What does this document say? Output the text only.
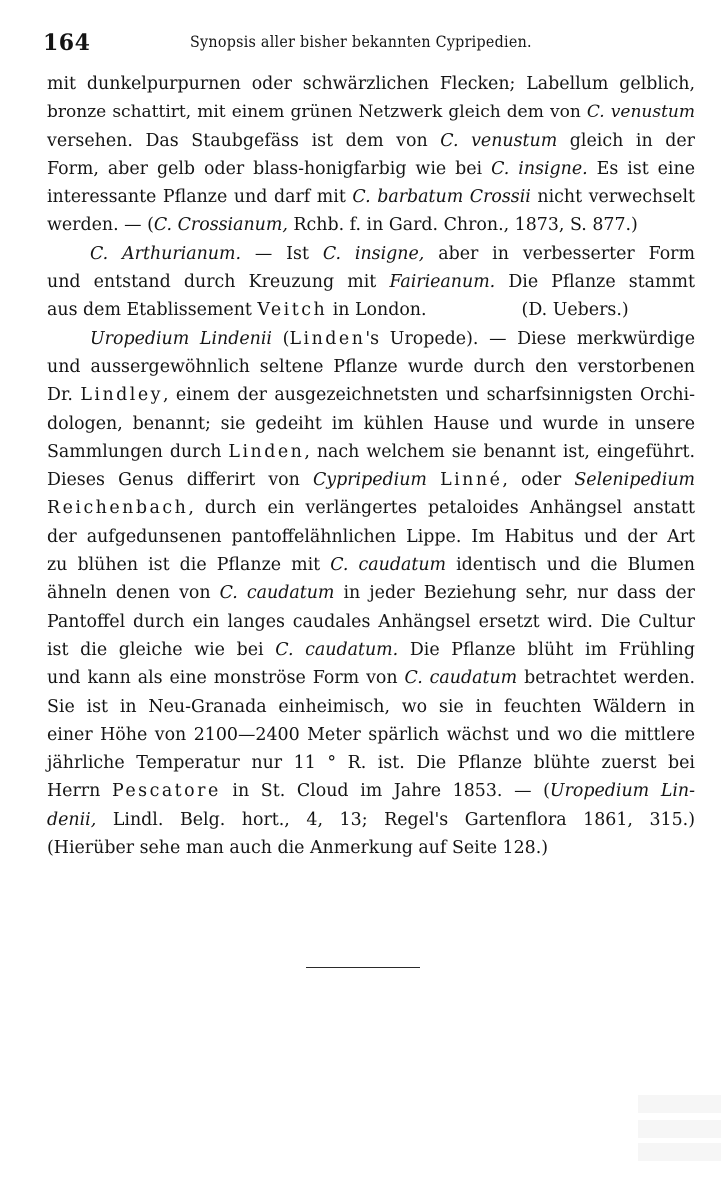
164	Synopsis aller bisher bekannten Cypripedien.
mit dunkelpurpurnen oder schwärzlichen Flecken; Labellum gelblich,
bronze schattirt, mit einem grünen Netzwerk gleich dem von C. venustum
versehen. Das Staubgefäss ist dem von C. venustum gleich in der
Form, aber gelb oder blass-honigfarbig wie bei C. insigne. Es ist eine
interessante Pflanze und darf mit C. barbatum Crossii nicht verwechselt
werden. — (C. Crossianum, Rchb. f. in Gard. Chron., 1873, S. 877.)
C. Arthurianum. — Ist C. insigne, aber in verbesserter Form
und entstand durch Kreuzung mit Fairieanum. Die Pflanze stammt
aus dem Etablissement Veitch in London.	(D. Uebers.)
Uropedium Lindenii (Linden's Uropede). — Diese merkwürdige
und aussergewöhnlich seltene Pflanze wurde durch den verstorbenen
Dr. Lindley, einem der ausgezeichnetsten und scharfsinnigsten Orchi-
dologen, benannt; sie gedeiht im kühlen Hause und wurde in unsere
Sammlungen durch Linden, nach welchem sie benannt ist, eingeführt.
Dieses Genus differirt von Cypripedium Linné, oder Selenipedium
Reichenbach, durch ein verlängertes petaloides Anhängsel anstatt
der aufgedunsenen pantoffelähnlichen Lippe. Im Habitus und der Art
zu blühen ist die Pflanze mit C. caudatum identisch und die Blumen
ähneln denen von C. caudatum in jeder Beziehung sehr, nur dass der
Pantoffel durch ein langes caudales Anhängsel ersetzt wird. Die Cultur
ist die gleiche wie bei C. caudatum. Die Pflanze blüht im Frühling
und kann als eine monströse Form von C. caudatum betrachtet werden.
Sie ist in Neu-Granada einheimisch, wo sie in feuchten Wäldern in
einer Höhe von 2100—2400 Meter spärlich wächst und wo die mittlere
jährliche Temperatur nur 11 ° R. ist. Die Pflanze blühte zuerst bei
Herrn Pescatore in St. Cloud im Jahre 1853. — (Uropedium Lin-
denii, Lindl. Belg. hort., 4, 13; Regel's Gartenflora 1861, 315.)
(Hierüber sehe man auch die Anmerkung auf Seite 128.)
